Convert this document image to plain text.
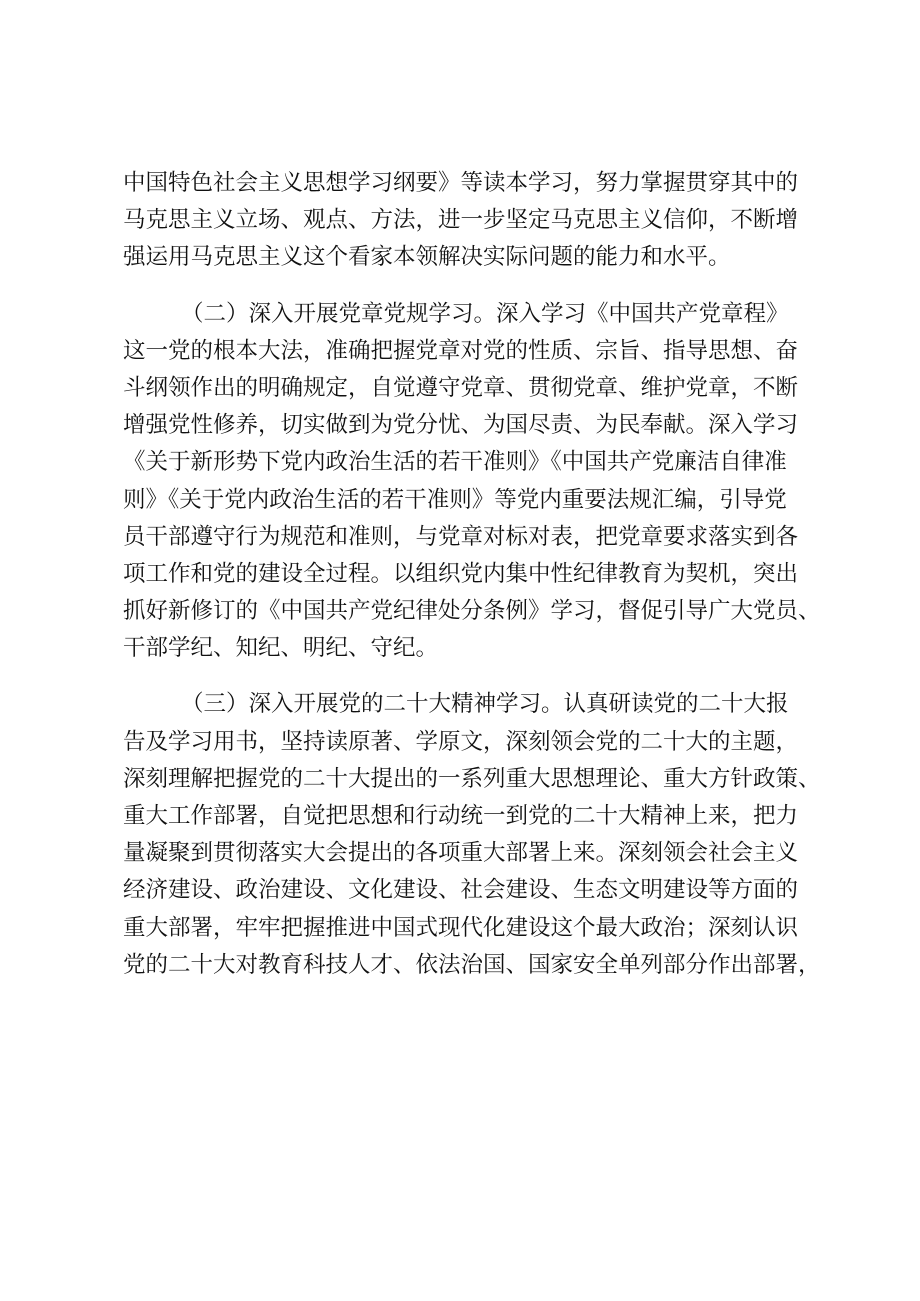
中国特色社会主义思想学习纲要》等读本学习，努力掌握贯穿其中的
马克思主义立场、观点、方法，进一步坚定马克思主义信仰，不断增
强运用马克思主义这个看家本领解决实际问题的能力和水平。
（二）深入开展党章党规学习。深入学习《中国共产党章程》
这一党的根本大法，准确把握党章对党的性质、宗旨、指导思想、奋
斗纲领作出的明确规定，自觉遵守党章、贯彻党章、维护党章，不断
增强党性修养，切实做到为党分忧、为国尽责、为民奉献。深入学习
《关于新形势下党内政治生活的若干准则》《中国共产党廉洁自律准
则》《关于党内政治生活的若干准则》等党内重要法规汇编，引导党
员干部遵守行为规范和准则，与党章对标对表，把党章要求落实到各
项工作和党的建设全过程。以组织党内集中性纪律教育为契机，突出
抓好新修订的《中国共产党纪律处分条例》学习，督促引导广大党员、
干部学纪、知纪、明纪、守纪。
（三）深入开展党的二十大精神学习。认真研读党的二十大报
告及学习用书，坚持读原著、学原文，深刻领会党的二十大的主题，
深刻理解把握党的二十大提出的一系列重大思想理论、重大方针政策、
重大工作部署，自觉把思想和行动统一到党的二十大精神上来，把力
量凝聚到贯彻落实大会提出的各项重大部署上来。深刻领会社会主义
经济建设、政治建设、文化建设、社会建设、生态文明建设等方面的
重大部署，牢牢把握推进中国式现代化建设这个最大政治；深刻认识
党的二十大对教育科技人才、依法治国、国家安全单列部分作出部署，
